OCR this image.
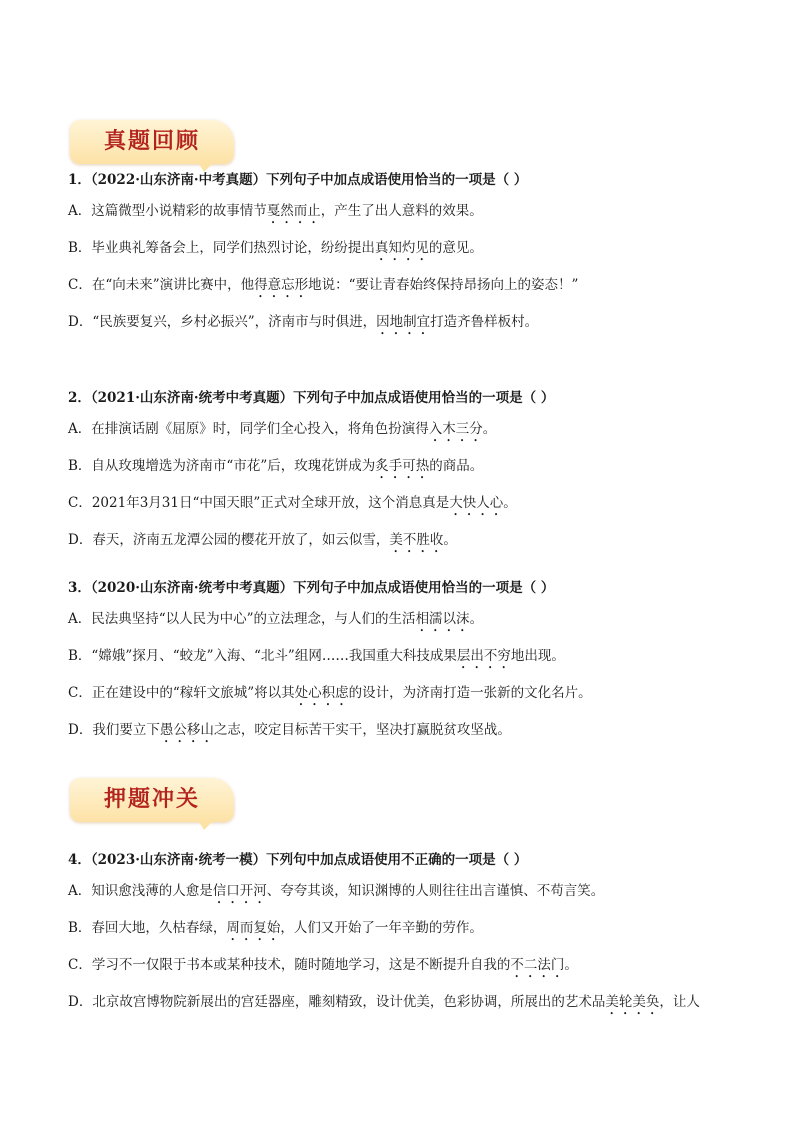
真题回顾
1．（2022·山东济南·中考真题）下列句子中加点成语使用恰当的一项是（ ）
A．这篇微型小说精彩的故事情节戛然而止，产生了出人意料的效果。
B．毕业典礼筹备会上，同学们热烈讨论，纷纷提出真知灼见的意见。
C．在“向未来”演讲比赛中，他得意忘形地说：“要让青春始终保持昂扬向上的姿态！”
D．“民族要复兴，乡村必振兴”，济南市与时俱进，因地制宜打造齐鲁样板村。
2．（2021·山东济南·统考中考真题）下列句子中加点成语使用恰当的一项是（ ）
A．在排演话剧《屈原》时，同学们全心投入，将角色扮演得入木三分。
B．自从玫瑰增选为济南市“市花”后，玫瑰花饼成为炙手可热的商品。
C．2021年3月31日“中国天眼”正式对全球开放，这个消息真是大快人心。
D．春天，济南五龙潭公园的樱花开放了，如云似雪，美不胜收。
3．（2020·山东济南·统考中考真题）下列句子中加点成语使用恰当的一项是（ ）
A．民法典坚持“以人民为中心”的立法理念，与人们的生活相濡以沫。
B．“嫦娥”探月、“蛟龙”入海、“北斗”组网……我国重大科技成果层出不穷地出现。
C．正在建设中的“稼轩文旅城”将以其处心积虑的设计，为济南打造一张新的文化名片。
D．我们要立下愚公移山之志，咬定目标苦干实干，坚决打赢脱贫攻坚战。
押题冲关
4．（2023·山东济南·统考一模）下列句中加点成语使用不正确的一项是（ ）
A．知识愈浅薄的人愈是信口开河、夸夸其谈，知识渊博的人则往往出言谨慎、不苟言笑。
B．春回大地，久枯春绿，周而复始，人们又开始了一年辛勤的劳作。
C．学习不一仅限于书本或某种技术，随时随地学习，这是不断提升自我的不二法门。
D．北京故宫博物院新展出的宫廷器座，雕刻精致，设计优美，色彩协调，所展出的艺术品美轮美奂，让人
